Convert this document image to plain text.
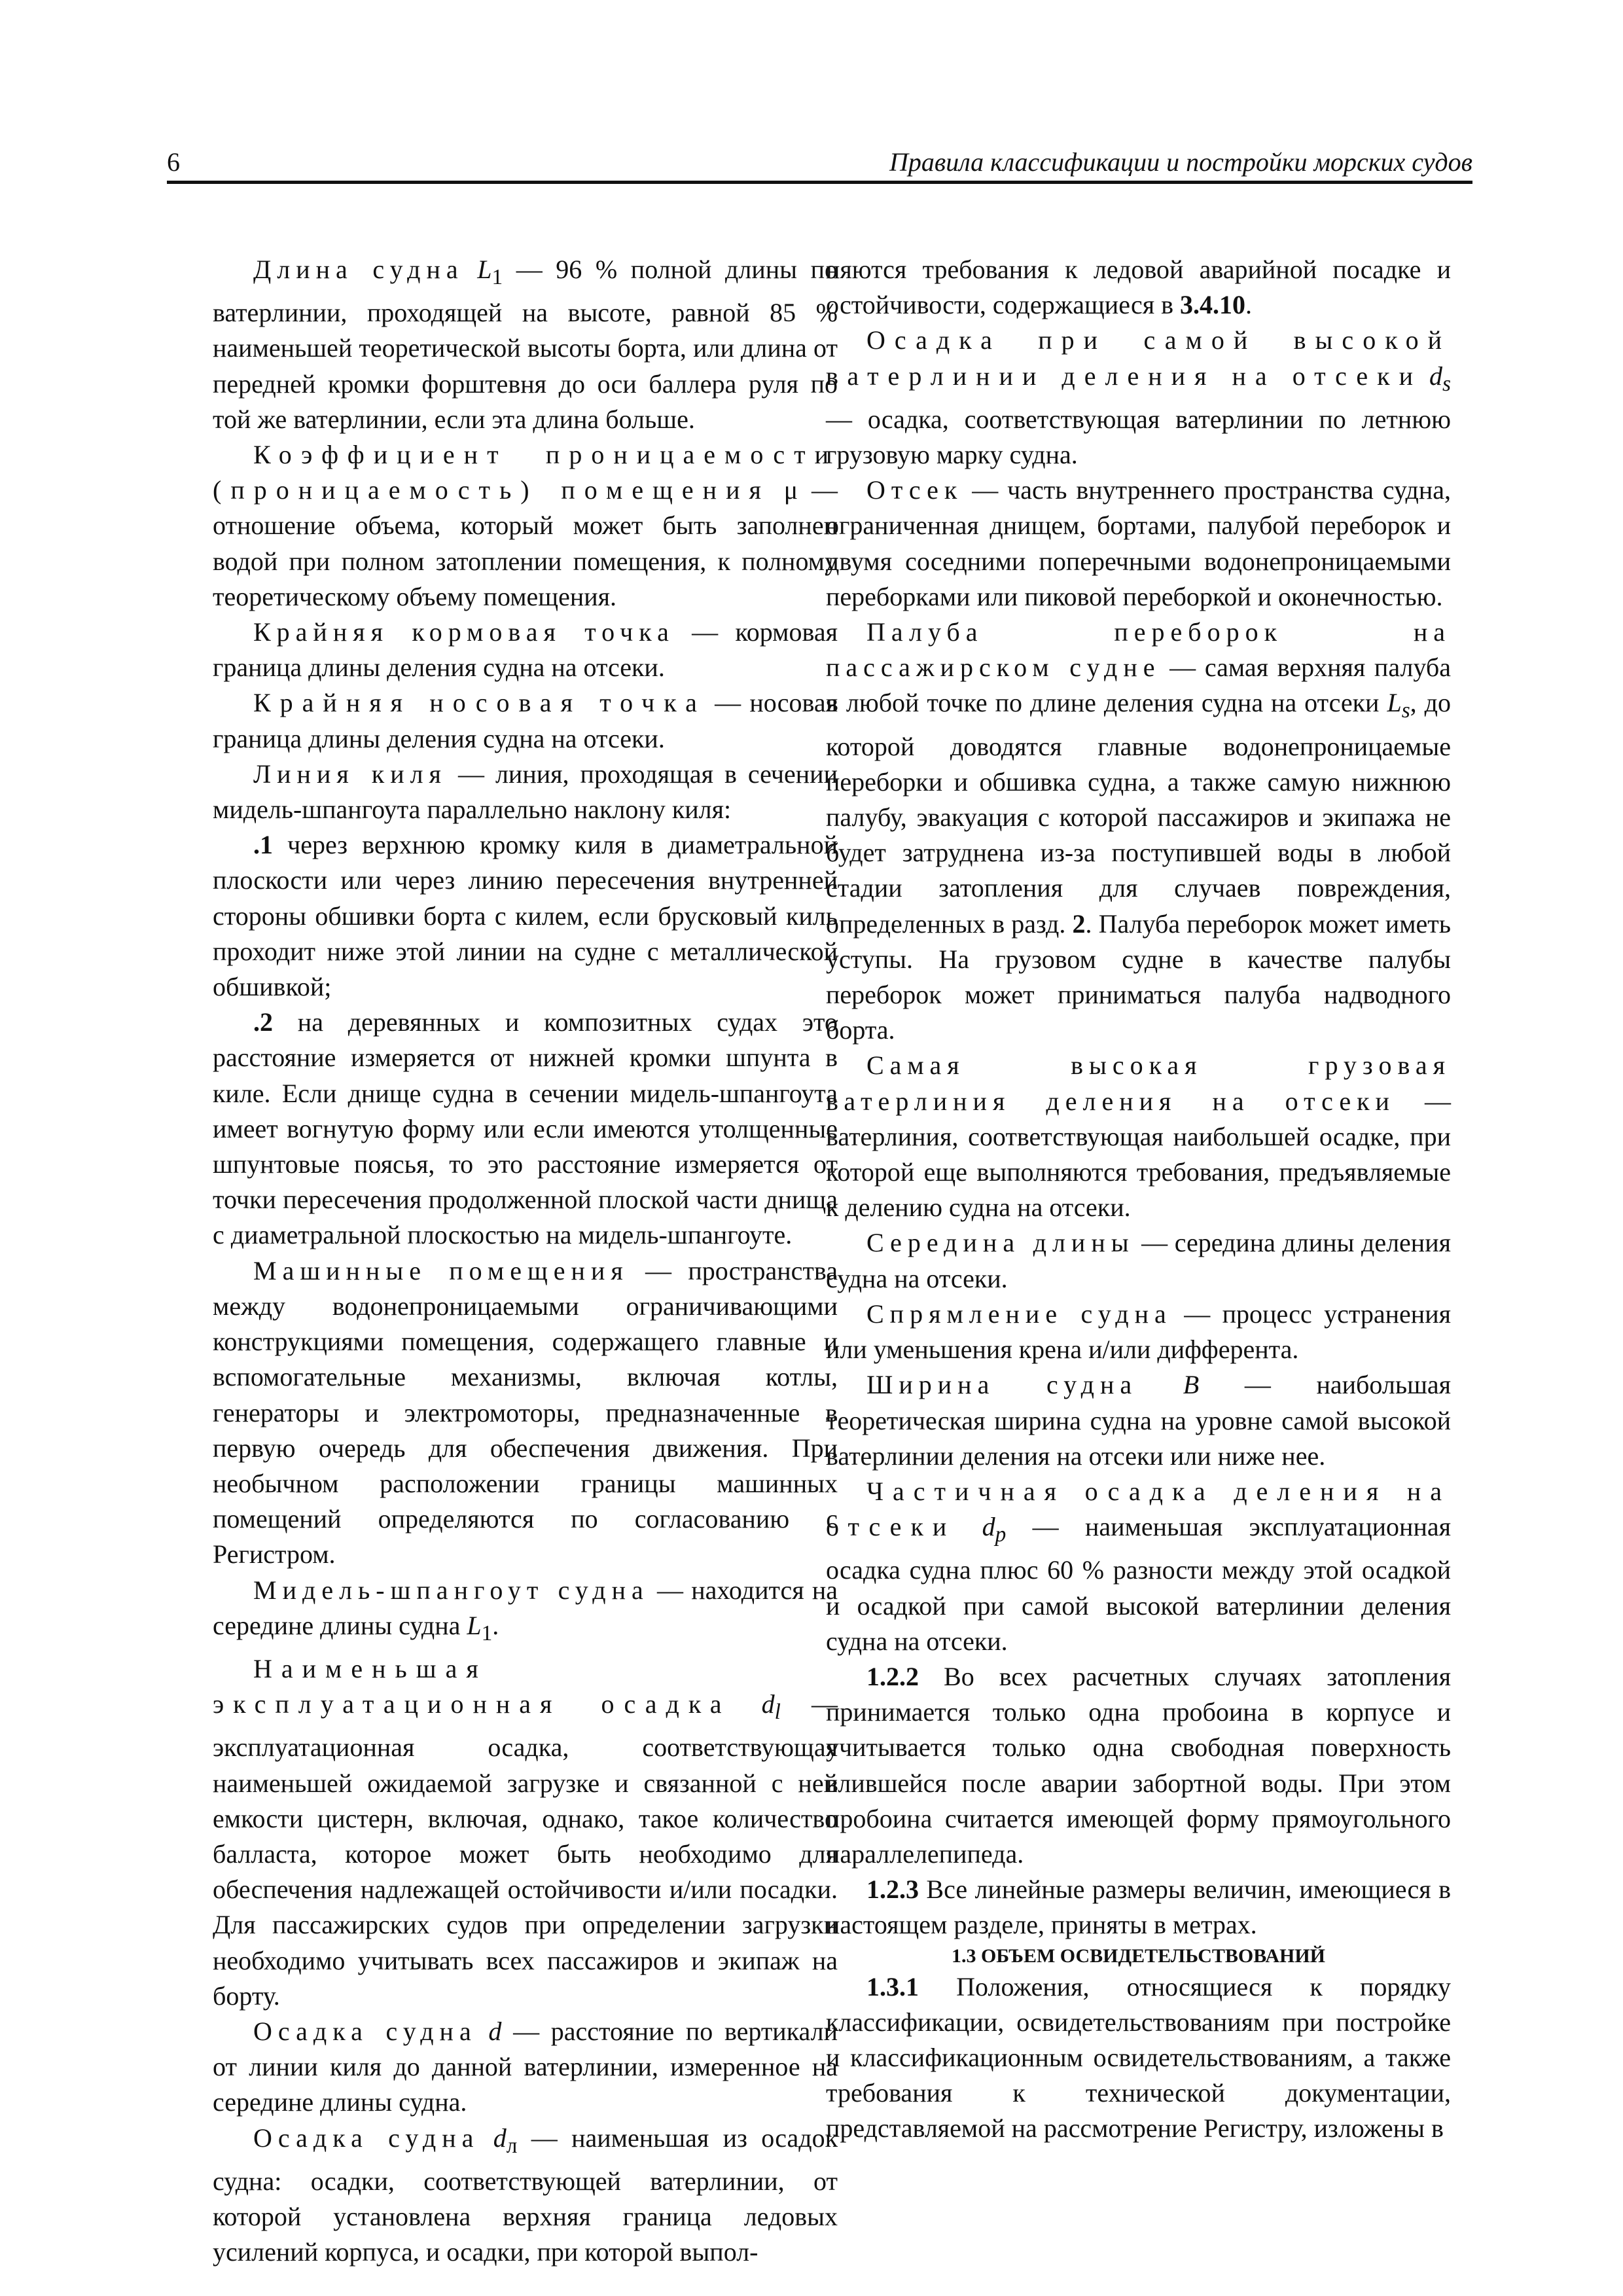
6	Правила классификации и постройки морских судов

Длина судна $L_1$ — 96 % полной длины по ватерлинии, проходящей на высоте, равной 85 % наименьшей теоретической высоты борта, или длина от передней кромки форштевня до оси баллера руля по той же ватерлинии, если эта длина больше.

Коэффициент проницаемости (проницаемость) помещения μ — отношение объема, который может быть заполнен водой при полном затоплении помещения, к полному теоретическому объему помещения.

Крайняя кормовая точка — кормовая граница длины деления судна на отсеки.

Крайняя носовая точка — носовая граница длины деления судна на отсеки.

Линия киля — линия, проходящая в сечении мидель-шпангоута параллельно наклону киля:

.1 через верхнюю кромку киля в диаметральной плоскости или через линию пересечения внутренней стороны обшивки борта с килем, если брусковый киль проходит ниже этой линии на судне с металлической обшивкой;

.2 на деревянных и композитных судах это расстояние измеряется от нижней кромки шпунта в киле. Если днище судна в сечении мидель-шпангоута имеет вогнутую форму или если имеются утолщенные шпунтовые поясья, то это расстояние измеряется от точки пересечения продолженной плоской части днища с диаметральной плоскостью на мидель-шпангоуте.

Машинные помещения — пространства между водонепроницаемыми ограничивающими конструкциями помещения, содержащего главные и вспомогательные механизмы, включая котлы, генераторы и электромоторы, предназначенные в первую очередь для обеспечения движения. При необычном расположении границы машинных помещений определяются по согласованию с Регистром.

Мидель-шпангоут судна — находится на середине длины судна $L_1$.

Наименьшая эксплуатационная осадка $d_l$ — эксплуатационная осадка, соответствующая наименьшей ожидаемой загрузке и связанной с ней емкости цистерн, включая, однако, такое количество балласта, которое может быть необходимо для обеспечения надлежащей остойчивости и/или посадки. Для пассажирских судов при определении загрузки необходимо учитывать всех пассажиров и экипаж на борту.

Осадка судна d — расстояние по вертикали от линии киля до данной ватерлинии, измеренное на середине длины судна.

Осадка судна $d_л$ — наименьшая из осадок судна: осадки, соответствующей ватерлинии, от которой установлена верхняя граница ледовых усилений корпуса, и осадки, при которой выпол-

няются требования к ледовой аварийной посадке и остойчивости, содержащиеся в 3.4.10.

Осадка при самой высокой ватерлинии деления на отсеки $d_s$ — осадка, соответствующая ватерлинии по летнюю грузовую марку судна.

Отсек — часть внутреннего пространства судна, ограниченная днищем, бортами, палубой переборок и двумя соседними поперечными водонепроницаемыми переборками или пиковой переборкой и оконечностью.

Палуба переборок на пассажирском судне — самая верхняя палуба в любой точке по длине деления судна на отсеки $L_s$, до которой доводятся главные водонепроницаемые переборки и обшивка судна, а также самую нижнюю палубу, эвакуация с которой пассажиров и экипажа не будет затруднена из-за поступившей воды в любой стадии затопления для случаев повреждения, определенных в разд. 2. Палуба переборок может иметь уступы. На грузовом судне в качестве палубы переборок может приниматься палуба надводного борта.

Самая высокая грузовая ватерлиния деления на отсеки — ватерлиния, соответствующая наибольшей осадке, при которой еще выполняются требования, предъявляемые к делению судна на отсеки.

Середина длины — середина длины деления судна на отсеки.

Спрямление судна — процесс устранения или уменьшения крена и/или дифферента.

Ширина судна B — наибольшая теоретическая ширина судна на уровне самой высокой ватерлинии деления на отсеки или ниже нее.

Частичная осадка деления на отсеки $d_p$ — наименьшая эксплуатационная осадка судна плюс 60 % разности между этой осадкой и осадкой при самой высокой ватерлинии деления судна на отсеки.

1.2.2 Во всех расчетных случаях затопления принимается только одна пробоина в корпусе и учитывается только одна свободная поверхность влившейся после аварии забортной воды. При этом пробоина считается имеющей форму прямоугольного параллелепипеда.

1.2.3 Все линейные размеры величин, имеющиеся в настоящем разделе, приняты в метрах.

1.3 ОБЪЕМ ОСВИДЕТЕЛЬСТВОВАНИЙ

1.3.1 Положения, относящиеся к порядку классификации, освидетельствованиям при постройке и классификационным освидетельствованиям, а также требования к технической документации, представляемой на рассмотрение Регистру, изложены в
